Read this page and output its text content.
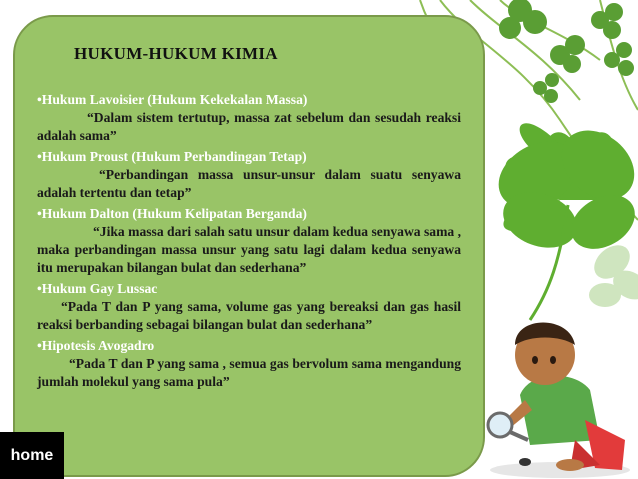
HUKUM-HUKUM KIMIA
•Hukum Lavoisier (Hukum Kekekalan Massa)
“Dalam sistem tertutup, massa zat sebelum dan sesudah reaksi adalah sama”
•Hukum Proust (Hukum Perbandingan Tetap)
“Perbandingan massa unsur-unsur dalam suatu senyawa adalah tertentu dan tetap”
•Hukum Dalton (Hukum Kelipatan Berganda)
“Jika massa dari salah satu unsur dalam kedua senyawa sama , maka perbandingan massa unsur yang satu lagi dalam kedua senyawa itu merupakan bilangan bulat dan sederhana”
•Hukum Gay Lussac
“Pada T dan P yang sama, volume gas yang bereaksi dan gas hasil reaksi berbanding sebagai bilangan bulat dan sederhana”
•Hipotesis Avogadro
“Pada T dan P yang sama , semua gas bervolum sama mengandung jumlah molekul yang sama pula”
home
